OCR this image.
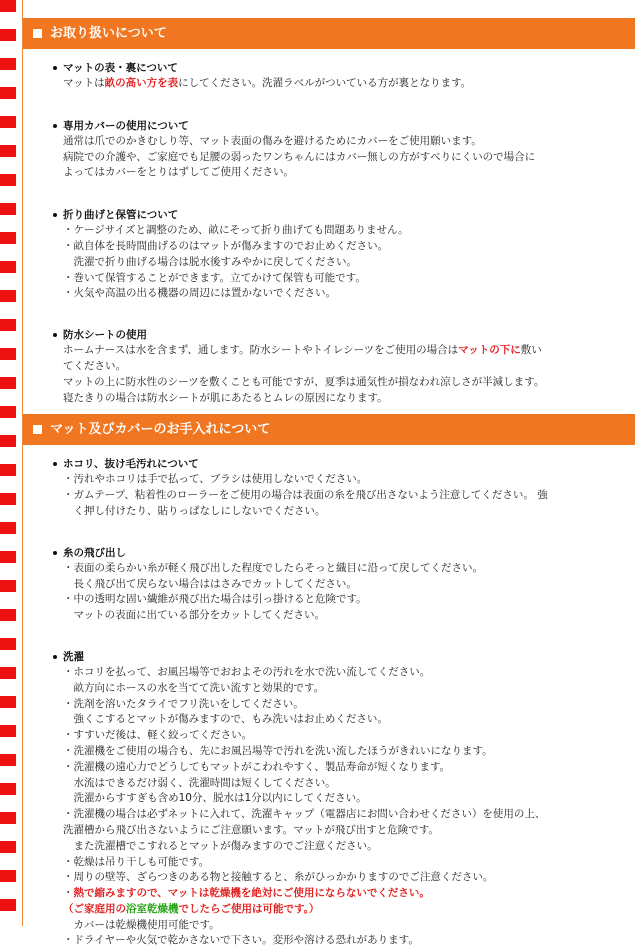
お取り扱いについて
マットの表・裏について
マットは畝の高い方を表にしてください。洗濯ラベルがついている方が裏となります。
専用カバーの使用について
通常は爪でのかきむしり等、マット表面の傷みを避けるためにカバーをご使用願います。
病院での介護や、ご家庭でも足腰の弱ったワンちゃんにはカバー無しの方がすべりにくいので場合に
よってはカバーをとりはずしてご使用ください。
折り曲げと保管について
・ケージサイズと調整のため、畝にそって折り曲げても問題ありません。
・畝自体を長時間曲げるのはマットが傷みますのでお止めください。
　洗濯で折り曲げる場合は脱水後すみやかに戻してください。
・巻いて保管することができます。立てかけて保管も可能です。
・火気や高温の出る機器の周辺には置かないでください。
防水シートの使用
ホームナースは水を含まず、通します。防水シートやトイレシーツをご使用の場合はマットの下に敷い
てください。
マットの上に防水性のシーツを敷くことも可能ですが、夏季は通気性が損なわれ涼しさが半減します。
寝たきりの場合は防水シートが肌にあたるとムレの原因になります。
マット及びカバーのお手入れについて
ホコリ、抜け毛汚れについて
・汚れやホコリは手で払って、ブラシは使用しないでください。
・ガムテープ、粘着性のローラーをご使用の場合は表面の糸を飛び出さないよう注意してください。 強
　く押し付けたり、貼りっぱなしにしないでください。
糸の飛び出し
・表面の柔らかい糸が軽く飛び出した程度でしたらそっと織目に沿って戻してください。
　長く飛び出て戻らない場合ははさみでカットしてください。
・中の透明な固い繊維が飛び出た場合は引っ掛けると危険です。
　マットの表面に出ている部分をカットしてください。
洗濯
・ホコリを払って、お風呂場等でおおよその汚れを水で洗い流してください。
　畝方向にホースの水を当てて洗い流すと効果的です。
・洗剤を溶いたタライでフリ洗いをしてください。
　強くこするとマットが傷みますので、もみ洗いはお止めください。
・すすいだ後は、軽く絞ってください。
・洗濯機をご使用の場合も、先にお風呂場等で汚れを洗い流したほうがきれいになります。
・洗濯機の遠心力でどうしてもマットがこわれやすく、製品寿命が短くなります。
　水流はできるだけ弱く、洗濯時間は短くしてください。
　洗濯からすすぎも含め10分、脱水は1分以内にしてください。
・洗濯機の場合は必ずネットに入れて、洗濯キャップ（電器店にお問い合わせください）を使用の上、
洗濯槽から飛び出さないようにご注意願います。マットが飛び出すと危険です。
　また洗濯槽でこすれるとマットが傷みますのでご注意ください。
・乾燥は吊り干しも可能です。
・周りの壁等、ざらつきのある物と接触すると、糸がひっかかりますのでご注意ください。
・熱で縮みますので、マットは乾燥機を絶対にご使用にならないでください。
（ご家庭用の浴室乾燥機でしたらご使用は可能です。）
　カバーは乾燥機使用可能です。
・ドライヤーや火気で乾かさないで下さい。変形や溶ける恐れがあります。
